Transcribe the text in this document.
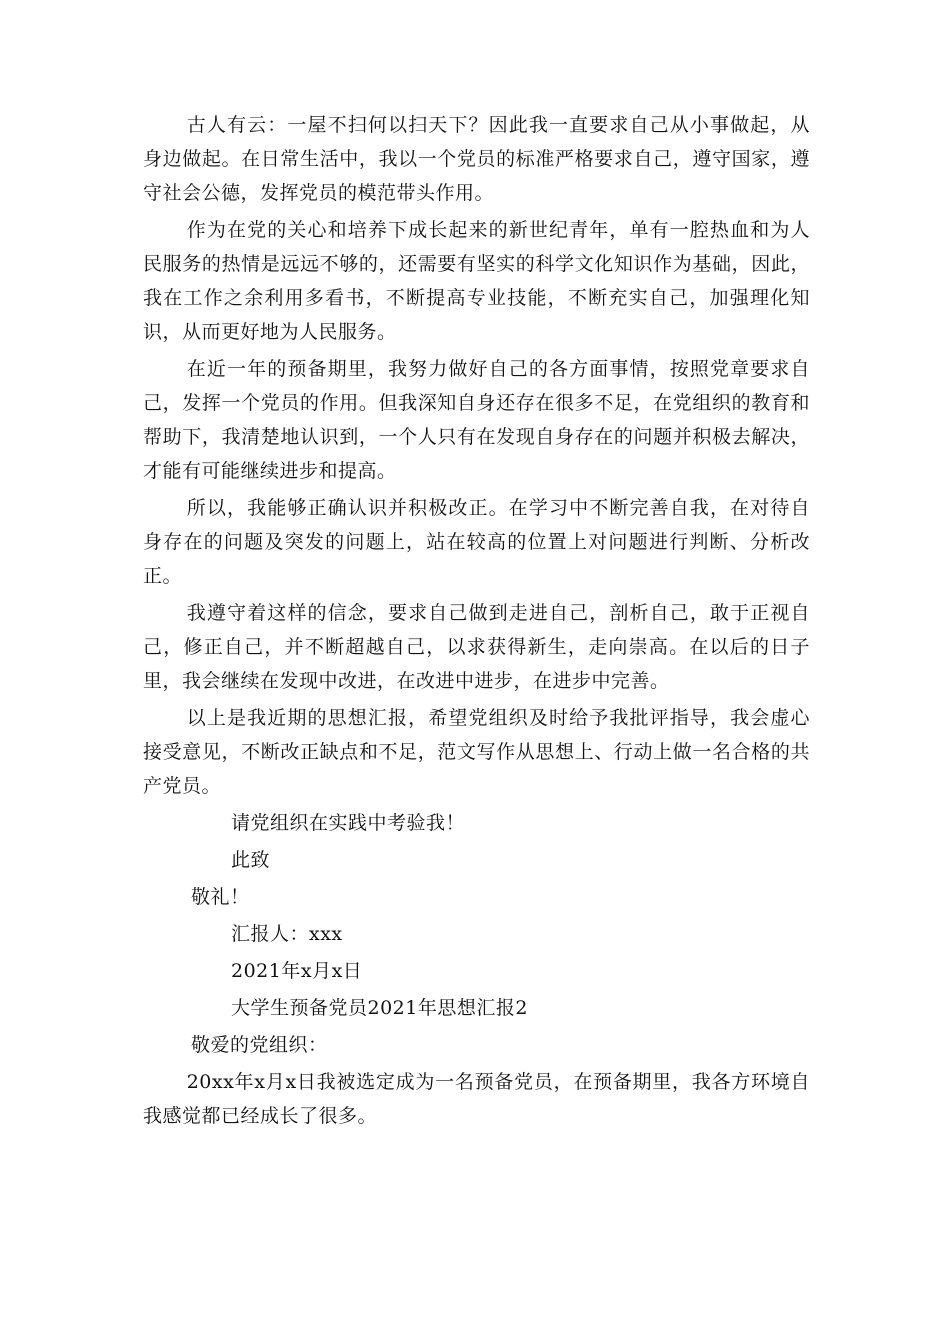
古人有云：一屋不扫何以扫天下？因此我一直要求自己从小事做起，从身边做起。在日常生活中，我以一个党员的标准严格要求自己，遵守国家，遵守社会公德，发挥党员的模范带头作用。

作为在党的关心和培养下成长起来的新世纪青年，单有一腔热血和为人民服务的热情是远远不够的，还需要有坚实的科学文化知识作为基础，因此，我在工作之余利用多看书，不断提高专业技能，不断充实自己，加强理化知识，从而更好地为人民服务。

在近一年的预备期里，我努力做好自己的各方面事情，按照党章要求自己，发挥一个党员的作用。但我深知自身还存在很多不足，在党组织的教育和帮助下，我清楚地认识到，一个人只有在发现自身存在的问题并积极去解决，才能有可能继续进步和提高。

所以，我能够正确认识并积极改正。在学习中不断完善自我，在对待自身存在的问题及突发的问题上，站在较高的位置上对问题进行判断、分析改正。

我遵守着这样的信念，要求自己做到走进自己，剖析自己，敢于正视自己，修正自己，并不断超越自己，以求获得新生，走向崇高。在以后的日子里，我会继续在发现中改进，在改进中进步，在进步中完善。

以上是我近期的思想汇报，希望党组织及时给予我批评指导，我会虚心接受意见，不断改正缺点和不足，范文写作从思想上、行动上做一名合格的共产党员。

请党组织在实践中考验我！

此致

敬礼！

汇报人：xxx

2021年x月x日

大学生预备党员2021年思想汇报2

敬爱的党组织：

20xx年x月x日我被选定成为一名预备党员，在预备期里，我各方环境自我感觉都已经成长了很多。
